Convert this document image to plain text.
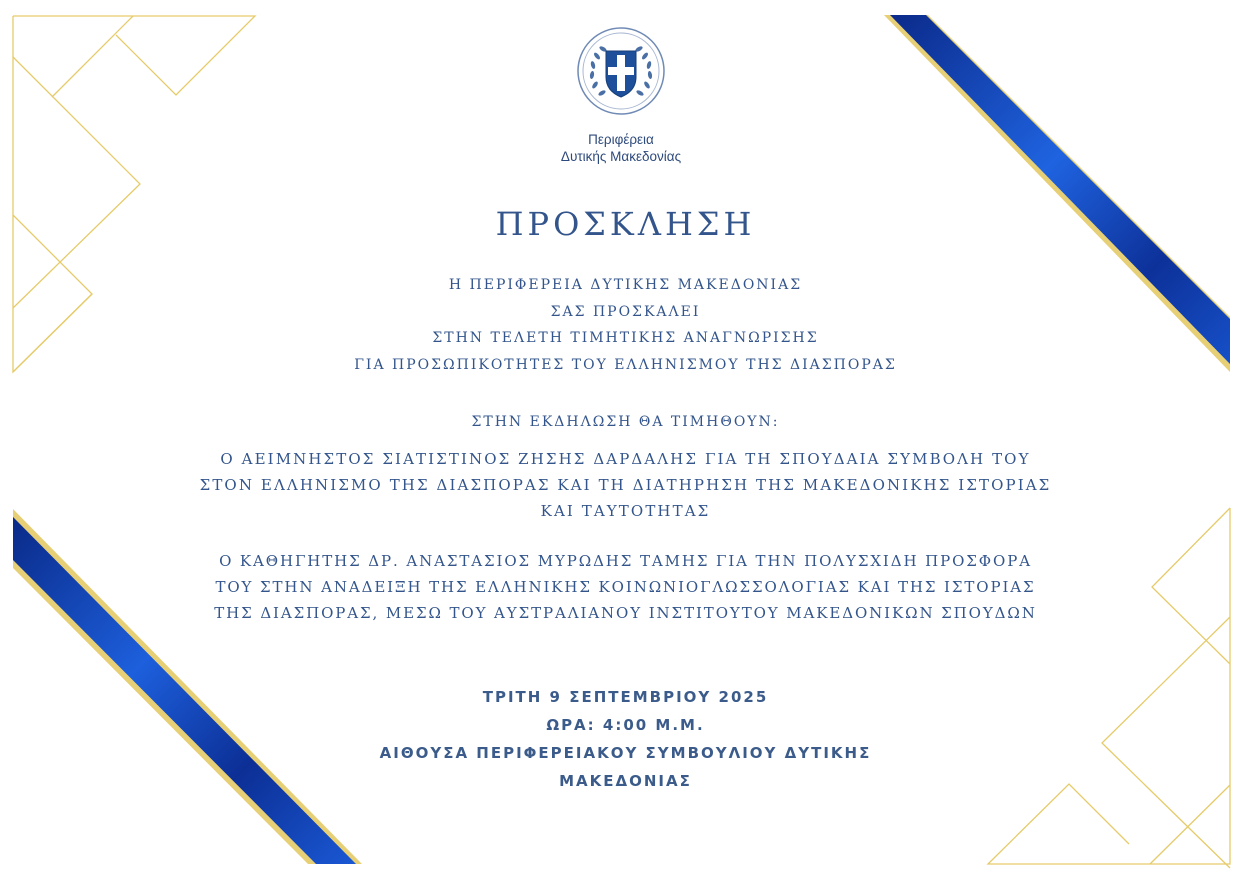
Περιφέρεια
Δυτικής Μακεδονίας
ΠΡΟΣΚΛΗΣΗ
Η ΠΕΡΙΦΕΡΕΙΑ ΔΥΤΙΚΗΣ ΜΑΚΕΔΟΝΙΑΣ
ΣΑΣ ΠΡΟΣΚΑΛΕΙ
ΣΤΗΝ ΤΕΛΕΤΗ ΤΙΜΗΤΙΚΗΣ ΑΝΑΓΝΩΡΙΣΗΣ
ΓΙΑ ΠΡΟΣΩΠΙΚΟΤΗΤΕΣ ΤΟΥ ΕΛΛΗΝΙΣΜΟΥ ΤΗΣ ΔΙΑΣΠΟΡΑΣ
ΣΤΗΝ ΕΚΔΗΛΩΣΗ ΘΑ ΤΙΜΗΘΟΥΝ:
Ο ΑΕΙΜΝΗΣΤΟΣ ΣΙΑΤΙΣΤΙΝΟΣ ΖΗΣΗΣ ΔΑΡΔΑΛΗΣ ΓΙΑ ΤΗ ΣΠΟΥΔΑΙΑ ΣΥΜΒΟΛΗ ΤΟΥ
ΣΤΟΝ ΕΛΛΗΝΙΣΜΟ ΤΗΣ ΔΙΑΣΠΟΡΑΣ ΚΑΙ ΤΗ ΔΙΑΤΗΡΗΣΗ ΤΗΣ ΜΑΚΕΔΟΝΙΚΗΣ ΙΣΤΟΡΙΑΣ
ΚΑΙ ΤΑΥΤΟΤΗΤΑΣ
Ο ΚΑΘΗΓΗΤΗΣ ΔΡ. ΑΝΑΣΤΑΣΙΟΣ ΜΥΡΩΔΗΣ ΤΑΜΗΣ ΓΙΑ ΤΗΝ ΠΟΛΥΣΧΙΔΗ ΠΡΟΣΦΟΡΑ
ΤΟΥ ΣΤΗΝ ΑΝΑΔΕΙΞΗ ΤΗΣ ΕΛΛΗΝΙΚΗΣ ΚΟΙΝΩΝΙΟΓΛΩΣΣΟΛΟΓΙΑΣ ΚΑΙ ΤΗΣ ΙΣΤΟΡΙΑΣ
ΤΗΣ ΔΙΑΣΠΟΡΑΣ, ΜΕΣΩ ΤΟΥ ΑΥΣΤΡΑΛΙΑΝΟΥ ΙΝΣΤΙΤΟΥΤΟΥ ΜΑΚΕΔΟΝΙΚΩΝ ΣΠΟΥΔΩΝ
ΤΡΙΤΗ 9 ΣΕΠΤΕΜΒΡΙΟΥ 2025
ΩΡΑ: 4:00 Μ.Μ.
ΑΙΘΟΥΣΑ ΠΕΡΙΦΕΡΕΙΑΚΟΥ ΣΥΜΒΟΥΛΙΟΥ ΔΥΤΙΚΗΣ
ΜΑΚΕΔΟΝΙΑΣ
